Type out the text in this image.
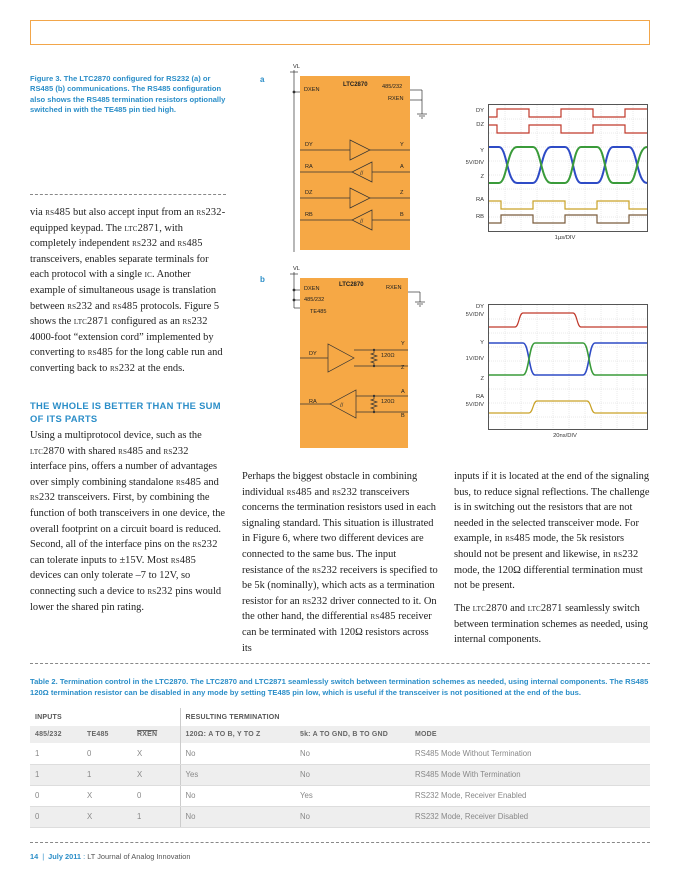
Figure 3. The LTC2870 configured for RS232 (a) or RS485 (b) communications. The RS485 configuration also shows the RS485 termination resistors optionally switched in with the TE485 pin tied high.

via rs485 but also accept input from an rs232-equipped keypad. The ltc2871, with completely independent rs232 and rs485 transceivers, enables separate terminals for each protocol with a single ic. Another example of simultaneous usage is translation between rs232 and rs485 protocols. Figure 5 shows the ltc2871 configured as an rs232 4000-foot “extension cord” implemented by converting to rs485 for the long cable run and converting back to rs232 at the ends.

THE WHOLE IS BETTER THAN THE SUM OF ITS PARTS

Using a multiprotocol device, such as the ltc2870 with shared rs485 and rs232 interface pins, offers a number of advantages over simply combining standalone rs485 and rs232 transceivers. First, by combining the function of both transceivers in one device, the overall footprint on a circuit board is reduced. Second, all of the interface pins on the rs232 can tolerate inputs to ±15V. Most rs485 devices can only tolerate –7 to 12V, so connecting such a device to rs232 pins would lower the shared pin rating.

Perhaps the biggest obstacle in combining individual rs485 and rs232 transceivers concerns the termination resistors used in each signaling standard. This situation is illustrated in Figure 6, where two different devices are connected to the same bus. The input resistance of the rs232 receivers is specified to be 5k (nominally), which acts as a termination resistor for an rs232 driver connected to it. On the other hand, the differential rs485 receiver can be terminated with 120Ω resistors across its

inputs if it is located at the end of the signaling bus, to reduce signal reflections. The challenge is in switching out the resistors that are not needed in the selected transceiver mode. For example, in rs485 mode, the 5k resistors should not be present and likewise, in rs232 mode, the 120Ω differential termination must not be present.

The ltc2870 and ltc2871 seamlessly switch between termination schemes as needed, using internal components.

a
//
//
VL
LTC2870
DXEN	485/232
RXEN
DY
RA
DZ
RB
Y
A
Z
B
DY
DZ
Y
5V/DIV
Z
RA
RB
1µs/DIV
b
//
VL
LTC2870
DXEN
485/232
TE485
RXEN
DY
RA
Y
Z
A
B
120Ω
120Ω
DY
5V/DIV
Y
1V/DIV
Z
RA
5V/DIV
20ns/DIV
Table 2. Termination control in the LTC2870. The LTC2870 and LTC2871 seamlessly switch between termination schemes as needed, using internal components. The RS485 120Ω termination resistor can be disabled in any mode by setting TE485 pin low, which is useful if the transceiver is not positioned at the end of the bus.
INPUTS			RESULTING TERMINATION		
485/232	TE485	RXEN	120Ω: A TO B, Y TO Z	5k: A TO GND, B TO GND	MODE
1	0	X	No	No	RS485 Mode Without Termination
1	1	X	Yes	No	RS485 Mode With Termination
0	X	0	No	Yes	RS232 Mode, Receiver Enabled
0	X	1	No	No	RS232 Mode, Receiver Disabled
14 | July 2011 : LT Journal of Analog Innovation
